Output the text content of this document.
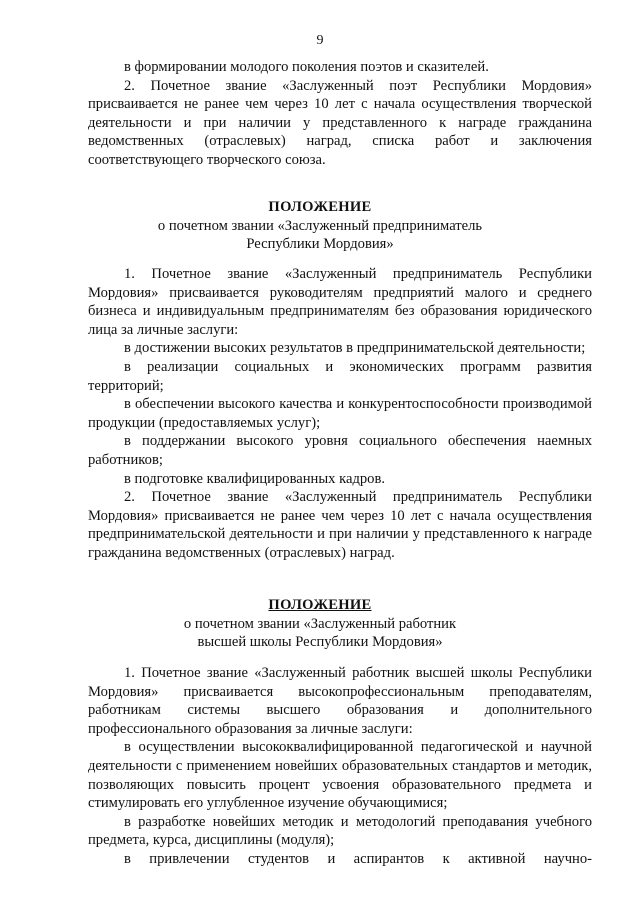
9

в формировании молодого поколения поэтов и сказителей.

2. Почетное звание «Заслуженный поэт Республики Мордовия» присваивается не ранее чем через 10 лет с начала осуществления творческой деятельности и при наличии у представленного к награде гражданина ведомственных (отраслевых) наград, списка работ и заключения соответствующего творческого союза.

ПОЛОЖЕНИЕ
о почетном звании «Заслуженный предприниматель
Республики Мордовия»

1. Почетное звание «Заслуженный предприниматель Республики Мордовия» присваивается руководителям предприятий малого и среднего бизнеса и индивидуальным предпринимателям без образования юридического лица за личные заслуги:

в достижении высоких результатов в предпринимательской деятельности;

в реализации социальных и экономических программ развития территорий;

в обеспечении высокого качества и конкурентоспособности производимой продукции (предоставляемых услуг);

в поддержании высокого уровня социального обеспечения наемных работников;

в подготовке квалифицированных кадров.

2. Почетное звание «Заслуженный предприниматель Республики Мордовия» присваивается не ранее чем через 10 лет с начала осуществления предпринимательской деятельности и при наличии у представленного к награде гражданина ведомственных (отраслевых) наград.

ПОЛОЖЕНИЕ
о почетном звании «Заслуженный работник
высшей школы Республики Мордовия»

1. Почетное звание «Заслуженный работник высшей школы Республики Мордовия» присваивается высокопрофессиональным преподавателям, работникам системы высшего образования и дополнительного профессионального образования за личные заслуги:

в осуществлении высококвалифицированной педагогической и научной деятельности с применением новейших образовательных стандартов и методик, позволяющих повысить процент усвоения образовательного предмета и стимулировать его углубленное изучение обучающимися;

в разработке новейших методик и методологий преподавания учебного предмета, курса, дисциплины (модуля);

в привлечении студентов и аспирантов к активной научно-
